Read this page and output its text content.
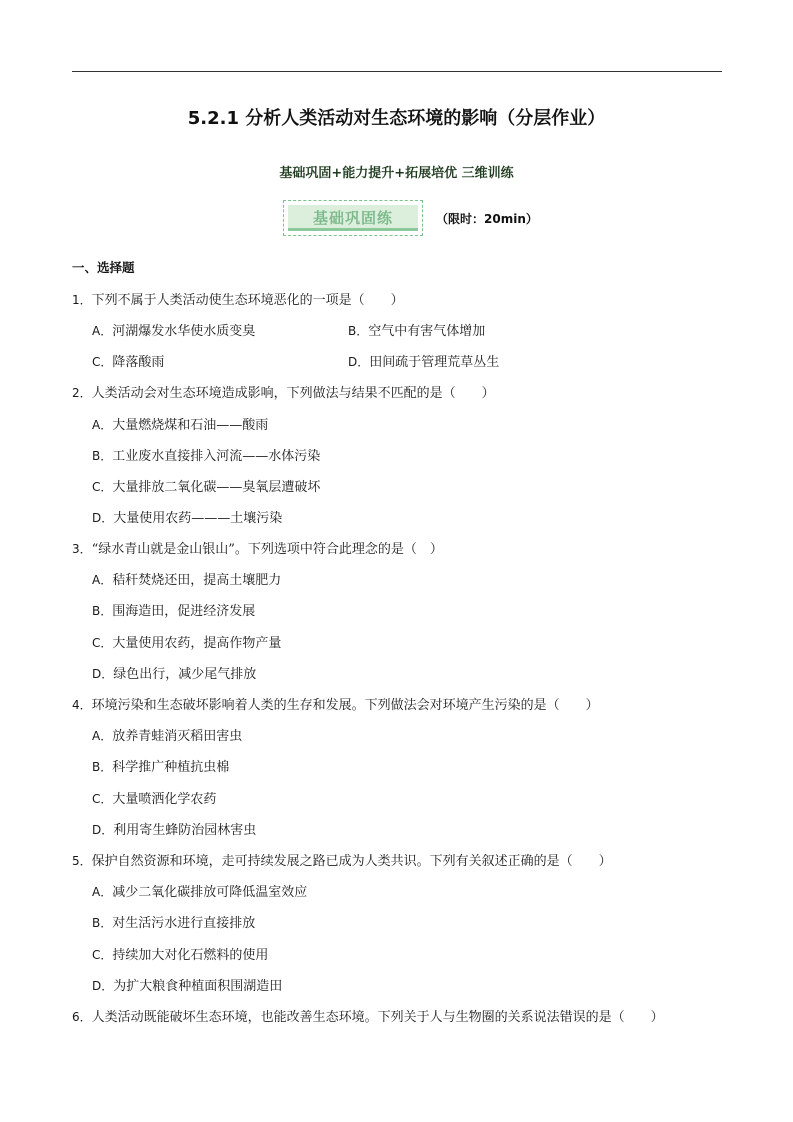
5.2.1 分析人类活动对生态环境的影响（分层作业）
基础巩固+能力提升+拓展培优 三维训练
基础巩固练	（限时：20min）
一、选择题
1．下列不属于人类活动使生态环境恶化的一项是（　　）
A．河湖爆发水华使水质变臭	B．空气中有害气体增加
C．降落酸雨	D．田间疏于管理荒草丛生
2．人类活动会对生态环境造成影响，下列做法与结果不匹配的是（　　）
A．大量燃烧煤和石油——酸雨
B．工业废水直接排入河流——水体污染
C．大量排放二氧化碳——臭氧层遭破坏
D．大量使用农药———土壤污染
3．“绿水青山就是金山银山”。下列选项中符合此理念的是（　）
A．秸秆焚烧还田，提高土壤肥力
B．围海造田，促进经济发展
C．大量使用农药，提高作物产量
D．绿色出行，减少尾气排放
4．环境污染和生态破坏影响着人类的生存和发展。下列做法会对环境产生污染的是（　　）
A．放养青蛙消灭稻田害虫
B．科学推广种植抗虫棉
C．大量喷洒化学农药
D．利用寄生蜂防治园林害虫
5．保护自然资源和环境，走可持续发展之路已成为人类共识。下列有关叙述正确的是（　　）
A．减少二氧化碳排放可降低温室效应
B．对生活污水进行直接排放
C．持续加大对化石燃料的使用
D．为扩大粮食种植面积围湖造田
6．人类活动既能破坏生态环境，也能改善生态环境。下列关于人与生物圈的关系说法错误的是（　　）
